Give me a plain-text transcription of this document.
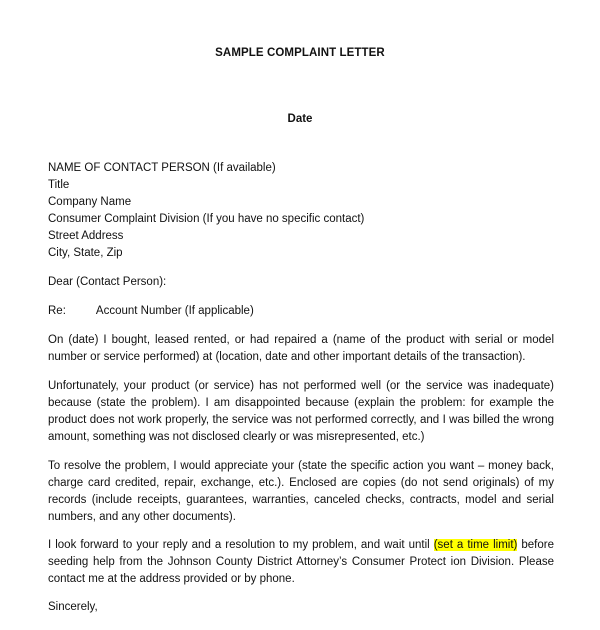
SAMPLE COMPLAINT LETTER
Date
NAME OF CONTACT PERSON (If available)
Title
Company Name
Consumer Complaint Division (If you have no specific contact)
Street Address
City, State, Zip
Dear (Contact Person):
Re:	Account Number (If applicable)
On (date) I bought, leased rented, or had repaired a (name of the product with serial or model number or service performed) at (location, date and other important details of the transaction).
Unfortunately, your product (or service) has not performed well (or the service was inadequate) because (state the problem). I am disappointed because (explain the problem: for example the product does not work properly, the service was not performed correctly, and I was billed the wrong amount, something was not disclosed clearly or was misrepresented, etc.)
To resolve the problem, I would appreciate your (state the specific action you want – money back, charge card credited, repair, exchange, etc.). Enclosed are copies (do not send originals) of my records (include receipts, guarantees, warranties, canceled checks, contracts, model and serial numbers, and any other documents).
I look forward to your reply and a resolution to my problem, and wait until (set a time limit) before seeding help from the Johnson County District Attorney’s Consumer Protect ion Division. Please contact me at the address provided or by phone.
Sincerely,
